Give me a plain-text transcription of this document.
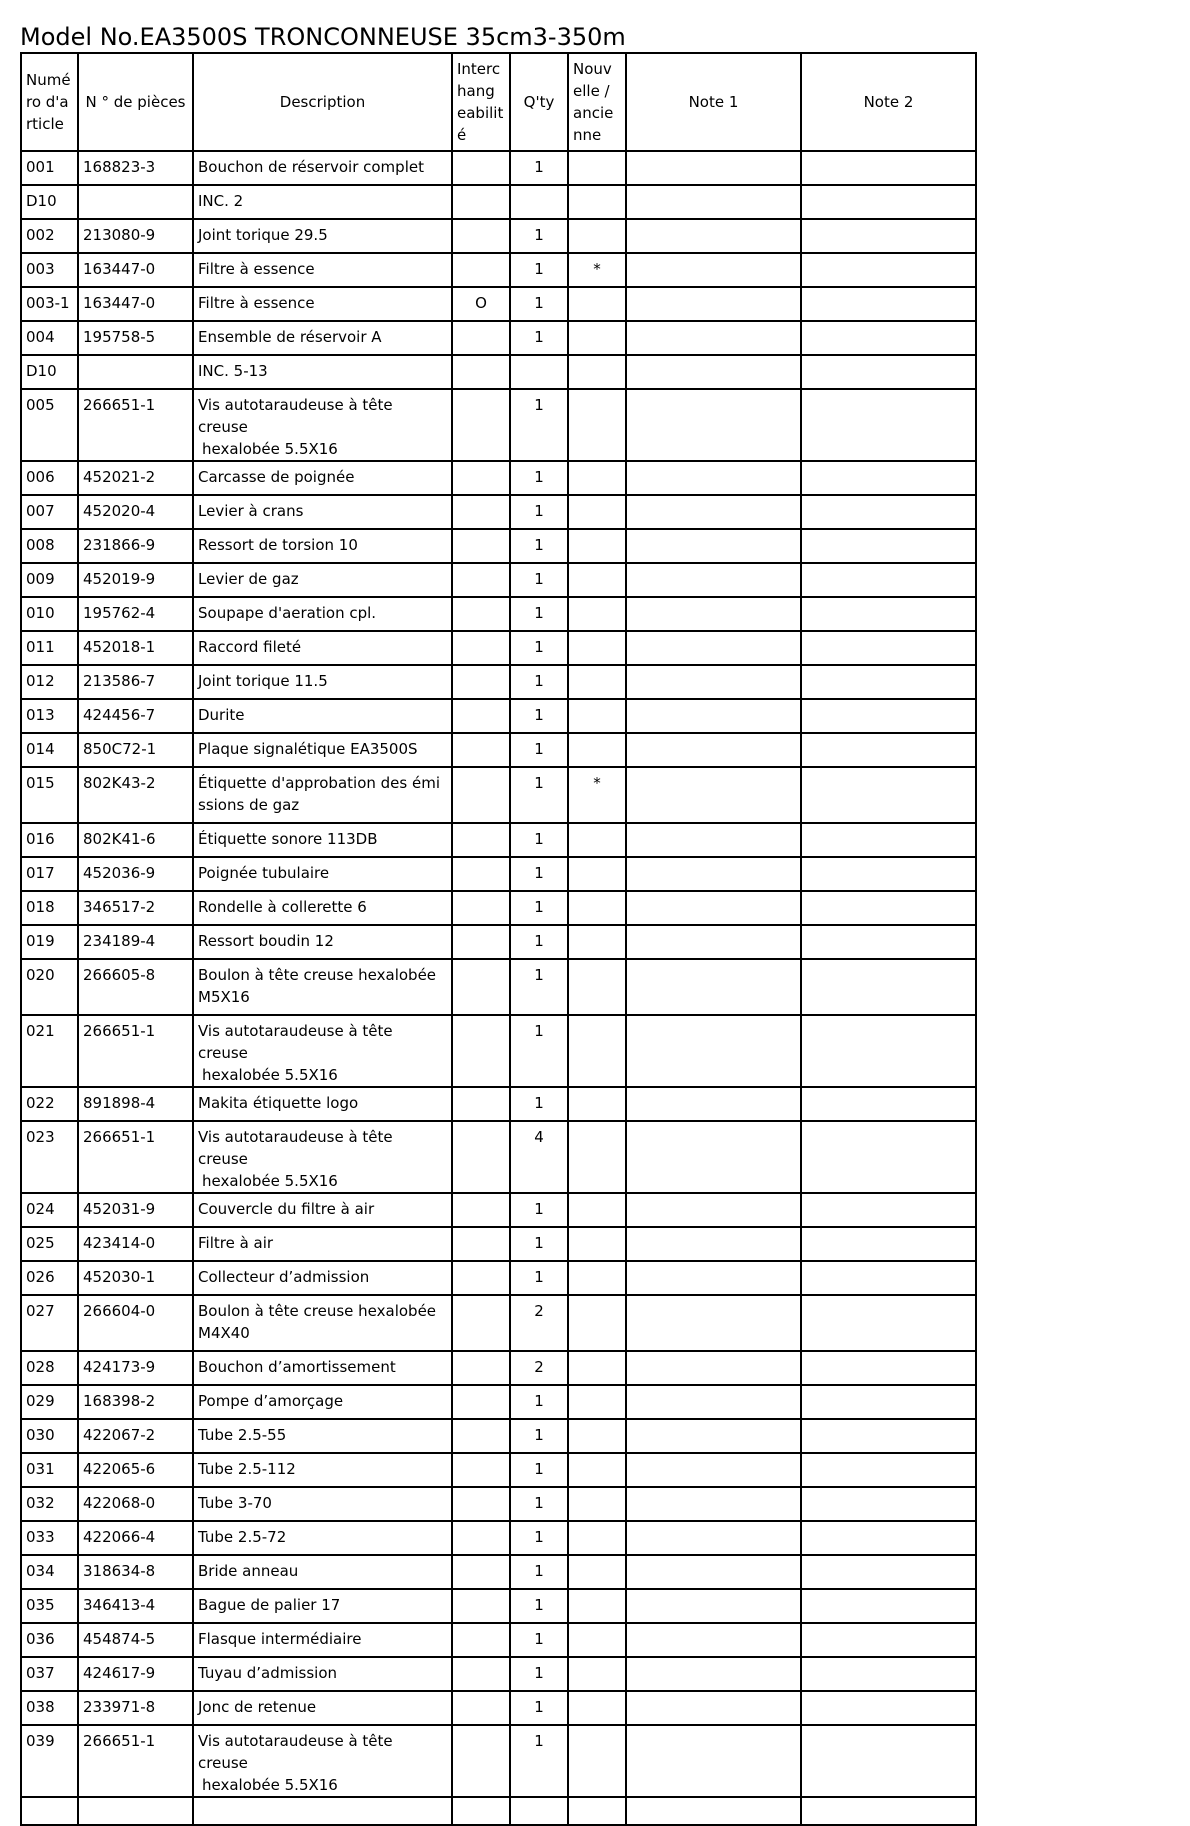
Model No.EA3500S TRONCONNEUSE 35cm3-350m
Numé
ro d'a
rticle	N ° de pièces	Description	Interc
hang
eabilit
é	Q'ty	Nouv
elle /
ancie
nne	Note 1	Note 2
001	168823-3	Bouchon de réservoir complet		1			
D10		INC. 2					

002	213080-9	Joint torique 29.5		1			
003	163447-0	Filtre à essence		1	*		
003-1	163447-0	Filtre à essence	O	1			
004	195758-5	Ensemble de réservoir A		1			
D10		INC. 5-13					

005	266651-1	Vis autotaraudeuse à tête creuse
hexalobée 5.5X16		1			
006	452021-2	Carcasse de poignée		1			
007	452020-4	Levier à crans		1			
008	231866-9	Ressort de torsion 10		1			
009	452019-9	Levier de gaz		1			
010	195762-4	Soupape d'aeration cpl.		1			
011	452018-1	Raccord fileté		1			
012	213586-7	Joint torique 11.5		1			
013	424456-7	Durite		1			
014	850C72-1	Plaque signalétique EA3500S		1			
015	802K43-2	Étiquette d'approbation des émi
ssions de gaz		1	*		
016	802K41-6	Étiquette sonore 113DB		1			
017	452036-9	Poignée tubulaire		1			
018	346517-2	Rondelle à collerette 6		1			
019	234189-4	Ressort boudin 12		1			
020	266605-8	Boulon à tête creuse hexalobée
M5X16		1			
021	266651-1	Vis autotaraudeuse à tête creuse
hexalobée 5.5X16		1			
022	891898-4	Makita étiquette logo		1			
023	266651-1	Vis autotaraudeuse à tête creuse
hexalobée 5.5X16		4			
024	452031-9	Couvercle du filtre à air		1			
025	423414-0	Filtre à air		1			
026	452030-1	Collecteur d’admission		1			
027	266604-0	Boulon à tête creuse hexalobée
M4X40		2			
028	424173-9	Bouchon d’amortissement		2			
029	168398-2	Pompe d’amorçage		1			
030	422067-2	Tube 2.5-55		1			
031	422065-6	Tube 2.5-112		1			
032	422068-0	Tube 3-70		1			
033	422066-4	Tube 2.5-72		1			
034	318634-8	Bride anneau		1			
035	346413-4	Bague de palier 17		1			
036	454874-5	Flasque intermédiaire		1			
037	424617-9	Tuyau d’admission		1			
038	233971-8	Jonc de retenue		1			
039	266651-1	Vis autotaraudeuse à tête creuse
hexalobée 5.5X16		1			
